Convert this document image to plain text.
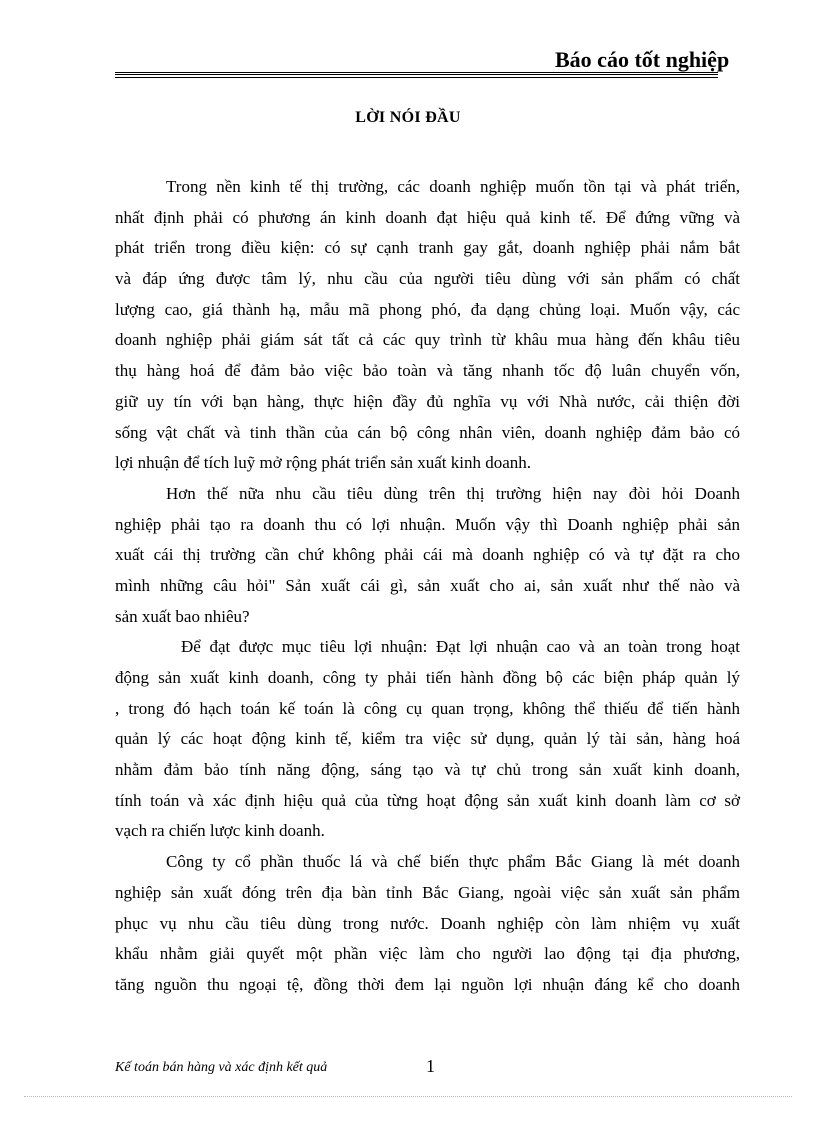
Báo cáo tốt nghiệp
LỜI NÓI ĐẦU
Trong nền kinh tế thị trường, các doanh nghiệp muốn tồn tại và phát triển,
nhất định phải có phương án kinh doanh đạt hiệu quả kinh tế. Để đứng vững và
phát triển trong điều kiện: có sự cạnh tranh gay gắt, doanh nghiệp phải nắm bắt
và đáp ứng được tâm lý, nhu cầu của người tiêu dùng với sản phẩm có chất
lượng cao, giá thành hạ, mẫu mã phong phó, đa dạng chủng loại. Muốn vậy, các
doanh nghiệp phải giám sát tất cả các quy trình từ khâu mua hàng đến khâu tiêu
thụ hàng hoá để đảm bảo việc bảo toàn và tăng nhanh tốc độ luân chuyển vốn,
giữ uy tín với bạn hàng, thực hiện đầy đủ nghĩa vụ với Nhà nước, cải thiện đời
sống vật chất và tinh thần của cán bộ công nhân viên, doanh nghiệp đảm bảo có
lợi nhuận để tích luỹ mở rộng phát triển sản xuất kinh doanh.
Hơn thế nữa nhu cầu tiêu dùng trên thị trường hiện nay đòi hỏi Doanh
nghiệp phải tạo ra doanh thu có lợi nhuận. Muốn vậy thì Doanh nghiệp phải sản
xuất cái thị trường cần chứ không phải cái mà doanh nghiệp có và tự đặt ra cho
mình những câu hỏi" Sản xuất cái gì, sản xuất cho ai, sản xuất như thế nào và
sản xuất bao nhiêu?
Để đạt được mục tiêu lợi nhuận: Đạt lợi nhuận cao và an toàn trong hoạt
động sản xuất kinh doanh, công ty phải tiến hành đồng bộ các biện pháp quản lý
, trong đó hạch toán kế toán là công cụ quan trọng, không thể thiếu để tiến hành
quản lý các hoạt động kinh tế, kiểm tra việc sử dụng, quản lý tài sản, hàng hoá
nhằm đảm bảo tính năng động, sáng tạo và tự chủ trong sản xuất kinh doanh,
tính toán và xác định hiệu quả của từng hoạt động sản xuất kinh doanh làm cơ sở
vạch ra chiến lược kinh doanh.
Công ty cổ phần thuốc lá và chế biến thực phẩm Bắc Giang là mét doanh
nghiệp sản xuất đóng trên địa bàn tỉnh Bắc Giang, ngoài việc sản xuất sản phẩm
phục vụ nhu cầu tiêu dùng trong nước. Doanh nghiệp còn làm nhiệm vụ xuất
khẩu nhằm giải quyết một phần việc làm cho người lao động tại địa phương,
tăng nguồn thu ngoại tệ, đồng thời đem lại nguồn lợi nhuận đáng kể cho doanh
Kế toán bán hàng và xác định kết quả	1
